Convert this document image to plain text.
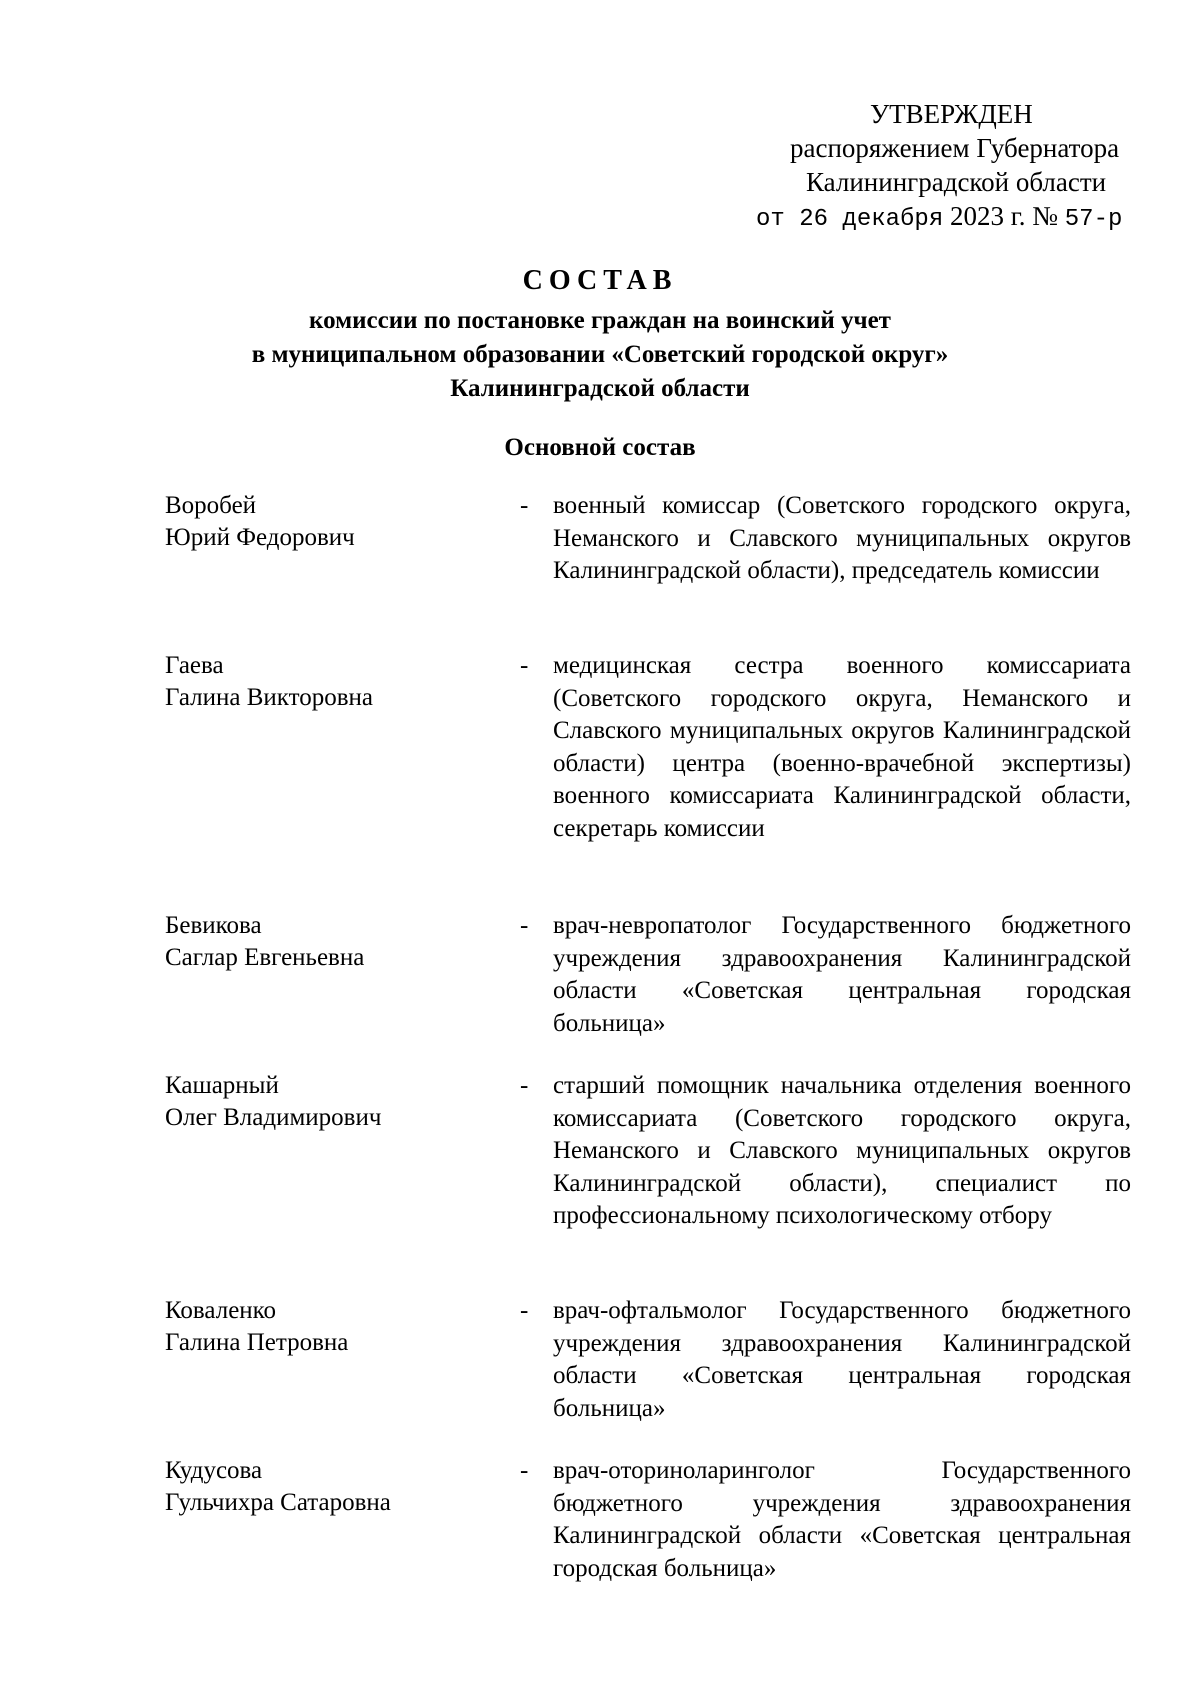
УТВЕРЖДЕН
распоряжением Губернатора
Калининградской области
от 26 декабря 2023 г. № 57-р
СОСТАВ
комиссии по постановке граждан на воинский учет
в муниципальном образовании «Советский городской округ»
Калининградской области
Основной состав
Воробей
Юрий Федорович
- военный комиссар (Советского городского округа, Неманского и Славского муниципальных округов Калининградской области), председатель комиссии
Гаева
Галина Викторовна
- медицинская сестра военного комиссариата (Советского городского округа, Неманского и Славского муниципальных округов Калининградской области) центра (военно-врачебной экспертизы) военного комиссариата Калининградской области, секретарь комиссии
Бевикова
Саглар Евгеньевна
- врач-невропатолог Государственного бюджетного учреждения здравоохранения Калининградской области «Советская центральная городская больница»
Кашарный
Олег Владимирович
- старший помощник начальника отделения военного комиссариата (Советского городского округа, Неманского и Славского муниципальных округов Калининградской области), специалист по профессиональному психологическому отбору
Коваленко
Галина Петровна
- врач-офтальмолог Государственного бюджетного учреждения здравоохранения Калининградской области «Советская центральная городская больница»
Кудусова
Гульчихра Сатаровна
- врач-оториноларинголог Государственного бюджетного учреждения здравоохранения Калининградской области «Советская центральная городская больница»
